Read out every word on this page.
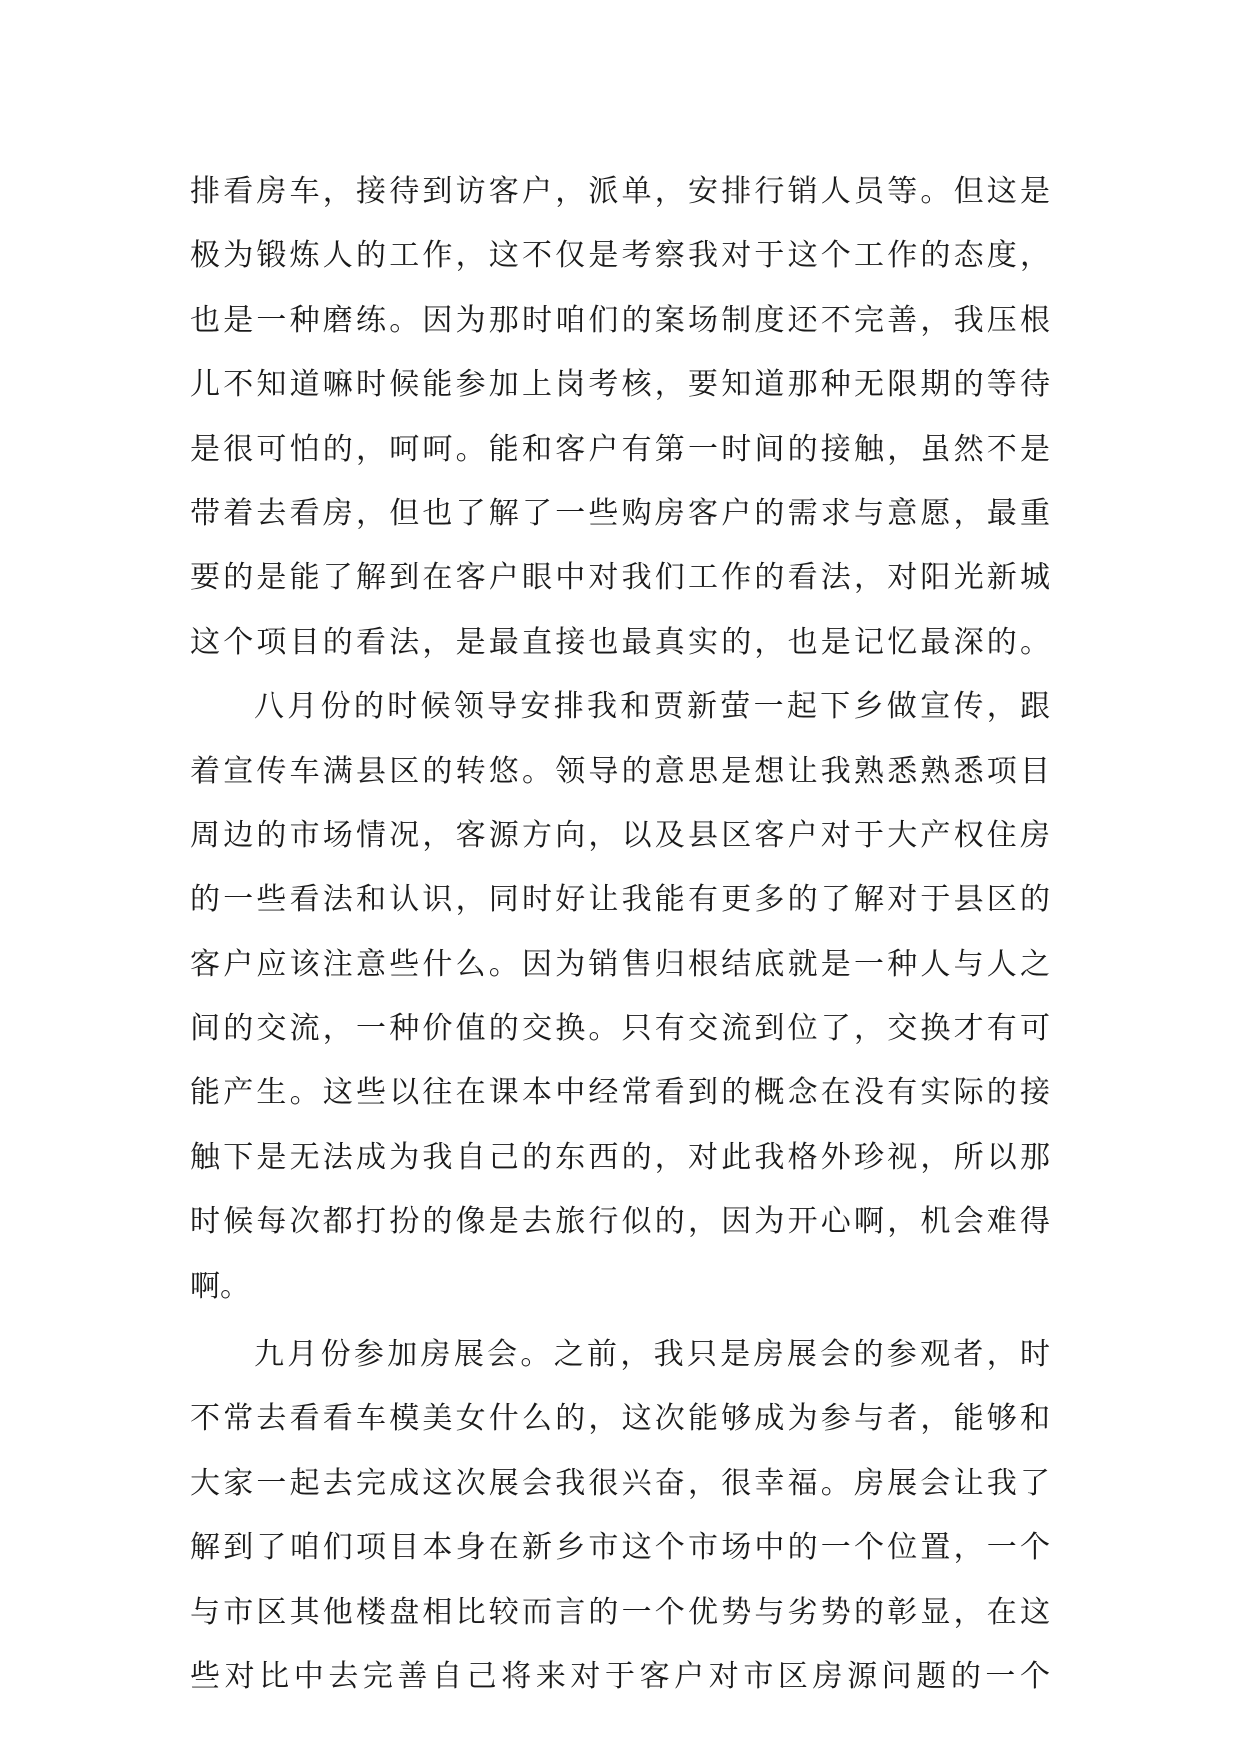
排看房车，接待到访客户，派单，安排行销人员等。但这是
极为锻炼人的工作，这不仅是考察我对于这个工作的态度，
也是一种磨练。因为那时咱们的案场制度还不完善，我压根
儿不知道嘛时候能参加上岗考核，要知道那种无限期的等待
是很可怕的，呵呵。能和客户有第一时间的接触，虽然不是
带着去看房，但也了解了一些购房客户的需求与意愿，最重
要的是能了解到在客户眼中对我们工作的看法，对阳光新城
这个项目的看法，是最直接也最真实的，也是记忆最深的。
八月份的时候领导安排我和贾新萤一起下乡做宣传，跟
着宣传车满县区的转悠。领导的意思是想让我熟悉熟悉项目
周边的市场情况，客源方向，以及县区客户对于大产权住房
的一些看法和认识，同时好让我能有更多的了解对于县区的
客户应该注意些什么。因为销售归根结底就是一种人与人之
间的交流，一种价值的交换。只有交流到位了，交换才有可
能产生。这些以往在课本中经常看到的概念在没有实际的接
触下是无法成为我自己的东西的，对此我格外珍视，所以那
时候每次都打扮的像是去旅行似的，因为开心啊，机会难得
啊。
九月份参加房展会。之前，我只是房展会的参观者，时
不常去看看车模美女什么的，这次能够成为参与者，能够和
大家一起去完成这次展会我很兴奋，很幸福。房展会让我了
解到了咱们项目本身在新乡市这个市场中的一个位置，一个
与市区其他楼盘相比较而言的一个优势与劣势的彰显，在这
些对比中去完善自己将来对于客户对市区房源问题的一个
